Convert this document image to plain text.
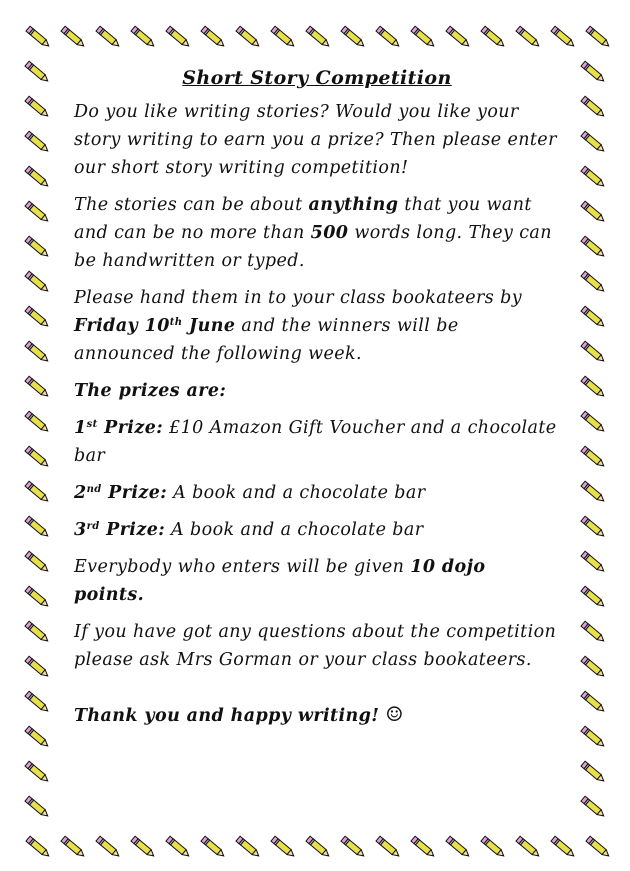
Short Story Competition

Do you like writing stories? Would you like your story writing to earn you a prize? Then please enter our short story writing competition!

The stories can be about anything that you want and can be no more than 500 words long. They can be handwritten or typed.

Please hand them in to your class bookateers by Friday 10th June and the winners will be announced the following week.

The prizes are:

1st Prize: £10 Amazon Gift Voucher and a chocolate bar

2nd Prize: A book and a chocolate bar

3rd Prize: A book and a chocolate bar

Everybody who enters will be given 10 dojo points.

If you have got any questions about the competition please ask Mrs Gorman or your class bookateers.

Thank you and happy writing! ☺
